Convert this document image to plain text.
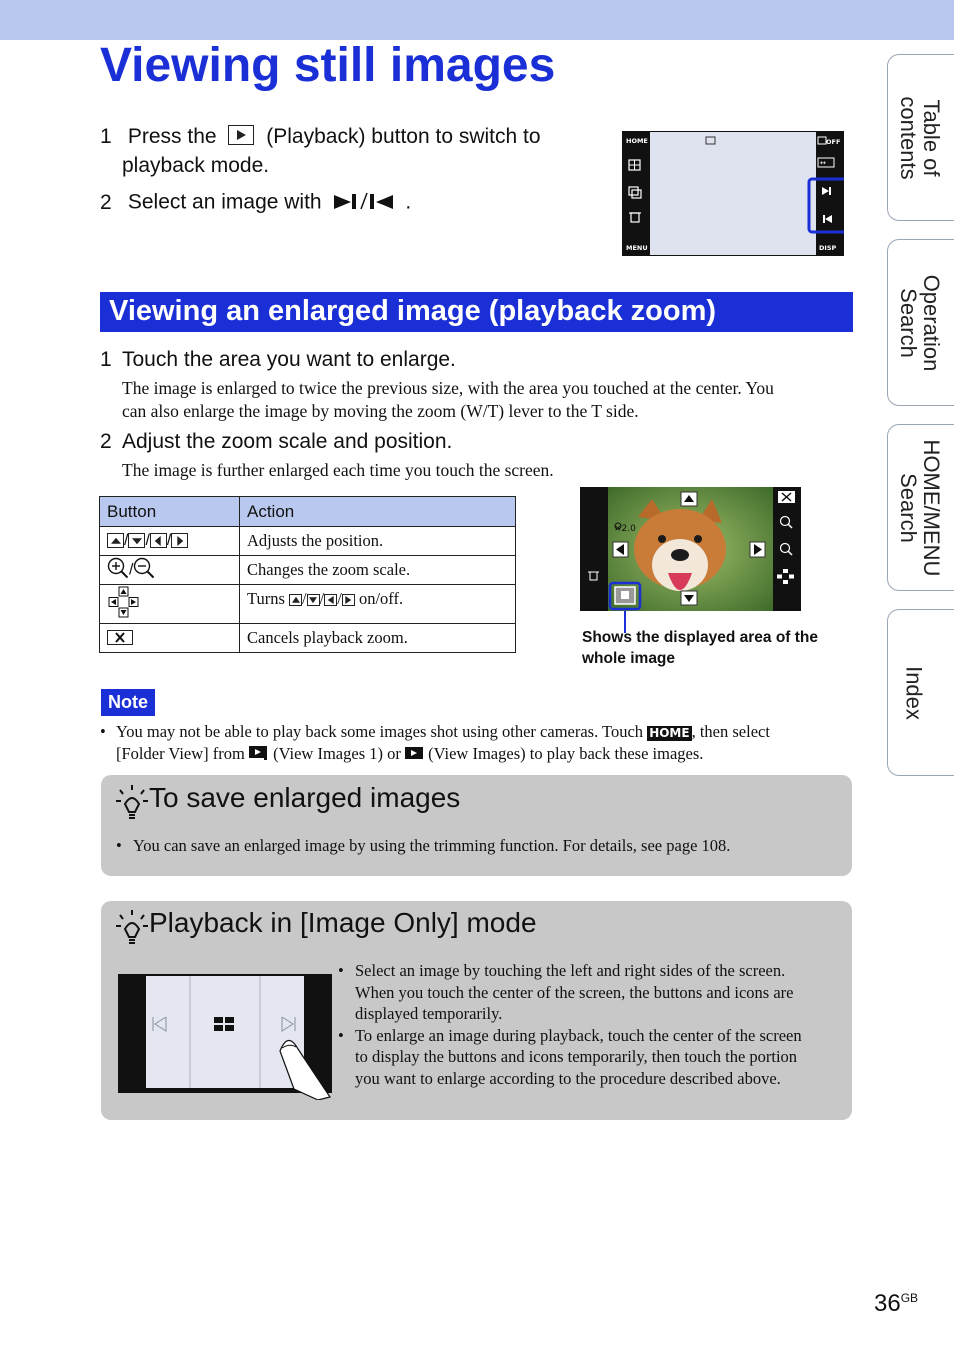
Viewing still images
1 Press the (Playback) button to switch to
playback mode.
2 Select an image with	.
HOME
MENU
OFF
DISP
↔
Viewing an enlarged image (playback zoom)
1 Touch the area you want to enlarge.
The image is enlarged to twice the previous size, with the area you touched at the center. You
can also enlarge the image by moving the zoom (W/T) lever to the T side.
2 Adjust the zoom scale and position.
The image is further enlarged each time you touch the screen.
Button	Action
/ / /	Adjusts the position.
/	Changes the zoom scale.
	Turns / / / on/off.
	Cancels playback zoom.
×2.0
Shows the displayed area of the
whole image
Note
• You may not be able to play back some images shot using other cameras. Touch HOME , then select
[Folder View] from (View Images 1) or (View Images) to play back these images.
To save enlarged images
• You can save an enlarged image by using the trimming function. For details, see page 108.
Playback in [Image Only] mode
• Select an image by touching the left and right sides of the screen.
When you touch the center of the screen, the buttons and icons are
displayed temporarily.
• To enlarge an image during playback, touch the center of the screen
to display the buttons and icons temporarily, then touch the portion
you want to enlarge according to the procedure described above.
Table of
contents
Operation
Search
HOME/MENU
Search
Index
$36^{GB}$
